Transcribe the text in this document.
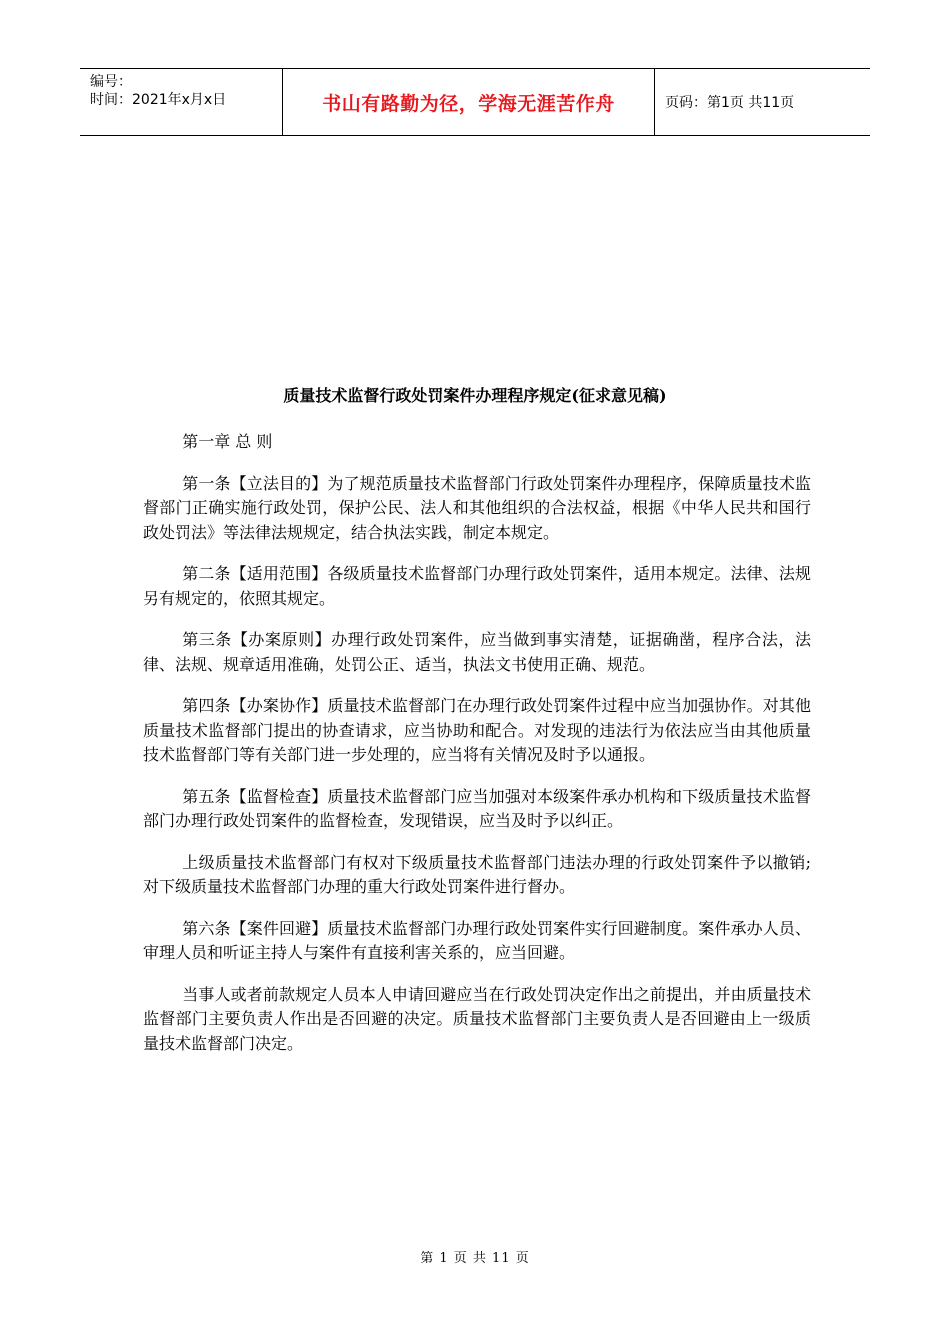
编号：
时间：2021年x月x日	书山有路勤为径，学海无涯苦作舟	页码：第1页 共11页
质量技术监督行政处罚案件办理程序规定(征求意见稿)

第一章 总 则

第一条【立法目的】为了规范质量技术监督部门行政处罚案件办理程序，保障质量技术监督部门正确实施行政处罚，保护公民、法人和其他组织的合法权益，根据《中华人民共和国行政处罚法》等法律法规规定，结合执法实践，制定本规定。

第二条【适用范围】各级质量技术监督部门办理行政处罚案件，适用本规定。法律、法规另有规定的，依照其规定。

第三条【办案原则】办理行政处罚案件，应当做到事实清楚，证据确凿，程序合法，法律、法规、规章适用准确，处罚公正、适当，执法文书使用正确、规范。

第四条【办案协作】质量技术监督部门在办理行政处罚案件过程中应当加强协作。对其他质量技术监督部门提出的协查请求，应当协助和配合。对发现的违法行为依法应当由其他质量技术监督部门等有关部门进一步处理的，应当将有关情况及时予以通报。

第五条【监督检查】质量技术监督部门应当加强对本级案件承办机构和下级质量技术监督部门办理行政处罚案件的监督检查，发现错误，应当及时予以纠正。

上级质量技术监督部门有权对下级质量技术监督部门违法办理的行政处罚案件予以撤销;对下级质量技术监督部门办理的重大行政处罚案件进行督办。

第六条【案件回避】质量技术监督部门办理行政处罚案件实行回避制度。案件承办人员、审理人员和听证主持人与案件有直接利害关系的，应当回避。

当事人或者前款规定人员本人申请回避应当在行政处罚决定作出之前提出，并由质量技术监督部门主要负责人作出是否回避的决定。质量技术监督部门主要负责人是否回避由上一级质量技术监督部门决定。

第 1 页 共 11 页
